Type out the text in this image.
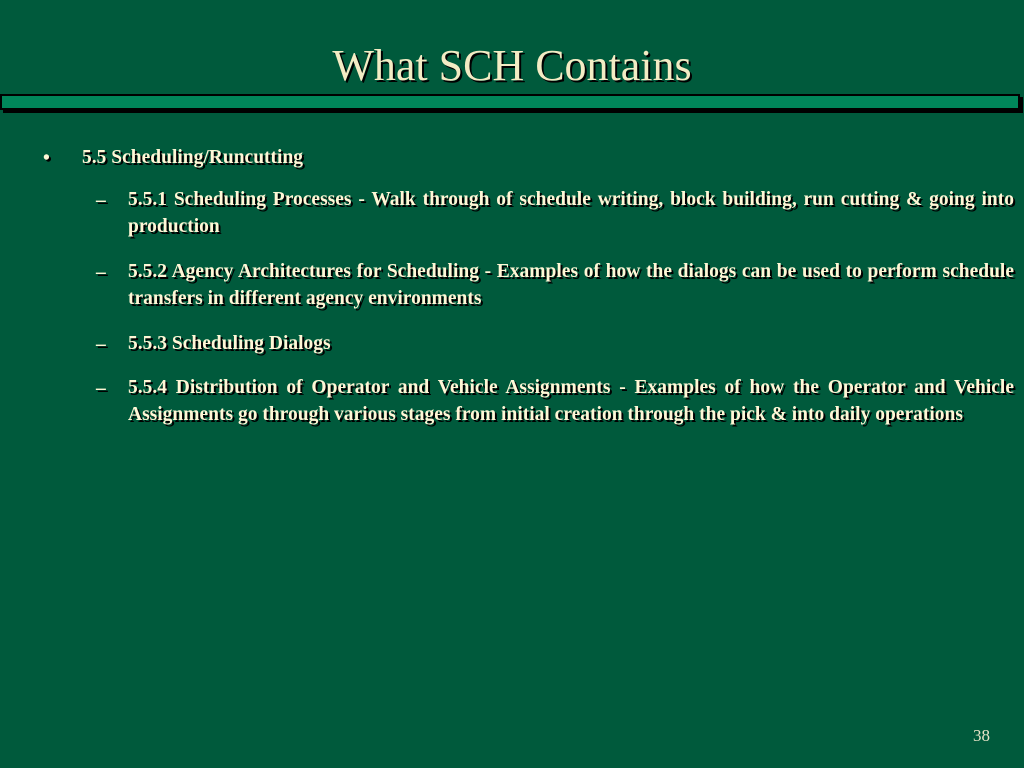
What SCH Contains
• 5.5 Scheduling/Runcutting
– 5.5.1 Scheduling Processes - Walk through of schedule writing, block building, run cutting & going into production
– 5.5.2 Agency Architectures for Scheduling - Examples of how the dialogs can be used to perform schedule transfers in different agency environments
– 5.5.3 Scheduling Dialogs
– 5.5.4 Distribution of Operator and Vehicle Assignments - Examples of how the Operator and Vehicle Assignments go through various stages from initial creation through the pick & into daily operations
38
